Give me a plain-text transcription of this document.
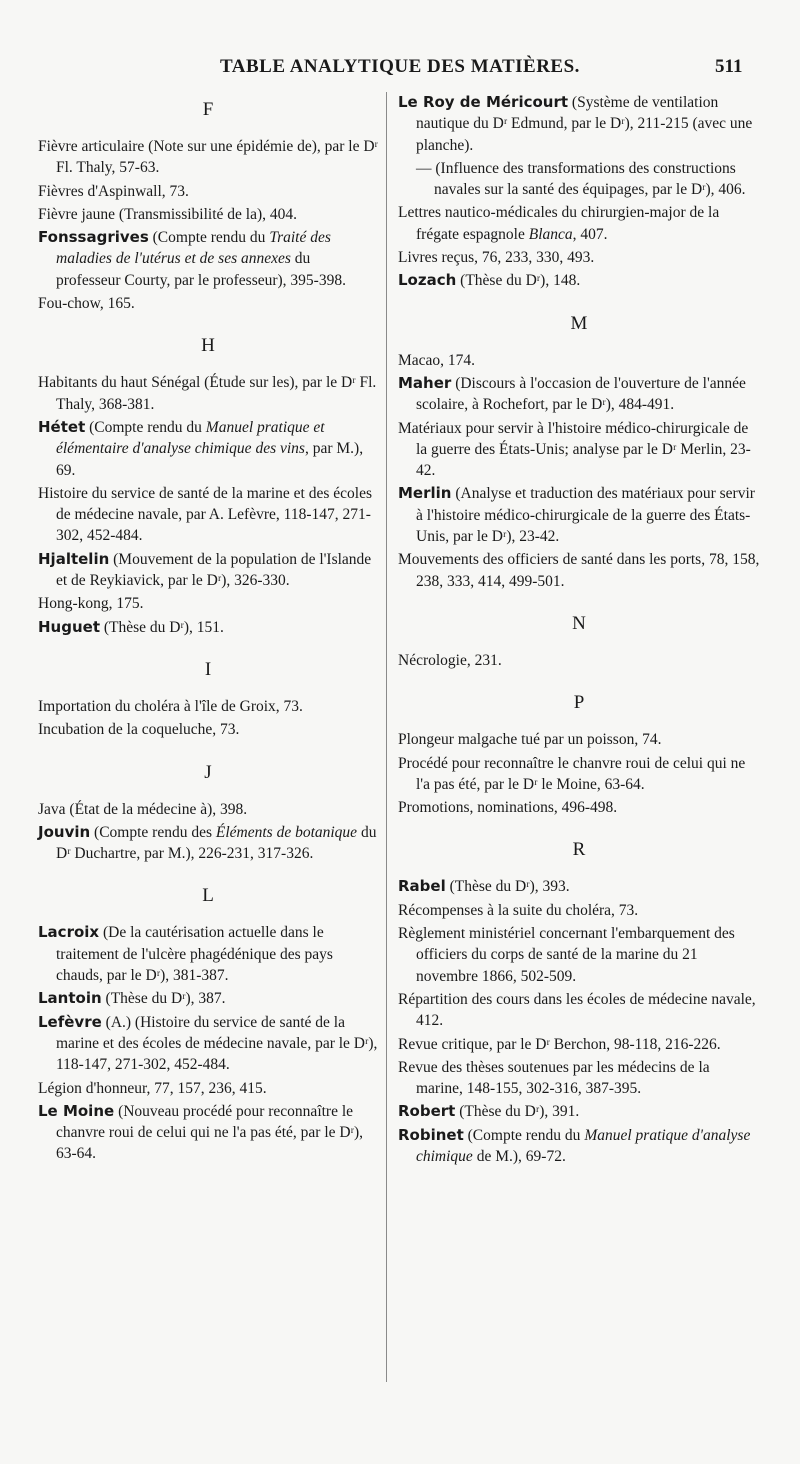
TABLE ANALYTIQUE DES MATIÈRES.	511
F

Fièvre articulaire (Note sur une épidémie de), par le Dʳ Fl. Thaly, 57-63.

Fièvres d'Aspinwall, 73.

Fièvre jaune (Transmissibilité de la), 404.

Fonssagrives (Compte rendu du Traité des maladies de l'utérus et de ses annexes du professeur Courty, par le professeur), 395-398.

Fou-chow, 165.

H

Habitants du haut Sénégal (Étude sur les), par le Dʳ Fl. Thaly, 368-381.

Hétet (Compte rendu du Manuel pratique et élémentaire d'analyse chimique des vins, par M.), 69.

Histoire du service de santé de la marine et des écoles de médecine navale, par A. Lefèvre, 118-147, 271-302, 452-484.

Hjaltelin (Mouvement de la population de l'Islande et de Reykiavick, par le Dʳ), 326-330.

Hong-kong, 175.

Huguet (Thèse du Dʳ), 151.

I

Importation du choléra à l'île de Groix, 73.

Incubation de la coqueluche, 73.

J

Java (État de la médecine à), 398.

Jouvin (Compte rendu des Éléments de botanique du Dʳ Duchartre, par M.), 226-231, 317-326.

L

Lacroix (De la cautérisation actuelle dans le traitement de l'ulcère phagédénique des pays chauds, par le Dʳ), 381-387.

Lantoin (Thèse du Dʳ), 387.

Lefèvre (A.) (Histoire du service de santé de la marine et des écoles de médecine navale, par le Dʳ), 118-147, 271-302, 452-484.

Légion d'honneur, 77, 157, 236, 415.

Le Moine (Nouveau procédé pour reconnaître le chanvre roui de celui qui ne l'a pas été, par le Dʳ), 63-64.

Le Roy de Méricourt (Système de ventilation nautique du Dʳ Edmund, par le Dʳ), 211-215 (avec une planche).

— (Influence des transformations des constructions navales sur la santé des équipages, par le Dʳ), 406.

Lettres nautico-médicales du chirurgien-major de la frégate espagnole Blanca, 407.

Livres reçus, 76, 233, 330, 493.

Lozach (Thèse du Dʳ), 148.

M

Macao, 174.

Maher (Discours à l'occasion de l'ouverture de l'année scolaire, à Rochefort, par le Dʳ), 484-491.

Matériaux pour servir à l'histoire médico-chirurgicale de la guerre des États-Unis; analyse par le Dʳ Merlin, 23-42.

Merlin (Analyse et traduction des matériaux pour servir à l'histoire médico-chirurgicale de la guerre des États-Unis, par le Dʳ), 23-42.

Mouvements des officiers de santé dans les ports, 78, 158, 238, 333, 414, 499-501.

N

Nécrologie, 231.

P

Plongeur malgache tué par un poisson, 74.

Procédé pour reconnaître le chanvre roui de celui qui ne l'a pas été, par le Dʳ le Moine, 63-64.

Promotions, nominations, 496-498.

R

Rabel (Thèse du Dʳ), 393.

Récompenses à la suite du choléra, 73.

Règlement ministériel concernant l'embarquement des officiers du corps de santé de la marine du 21 novembre 1866, 502-509.

Répartition des cours dans les écoles de médecine navale, 412.

Revue critique, par le Dʳ Berchon, 98-118, 216-226.

Revue des thèses soutenues par les médecins de la marine, 148-155, 302-316, 387-395.

Robert (Thèse du Dʳ), 391.

Robinet (Compte rendu du Manuel pratique d'analyse chimique de M.), 69-72.
